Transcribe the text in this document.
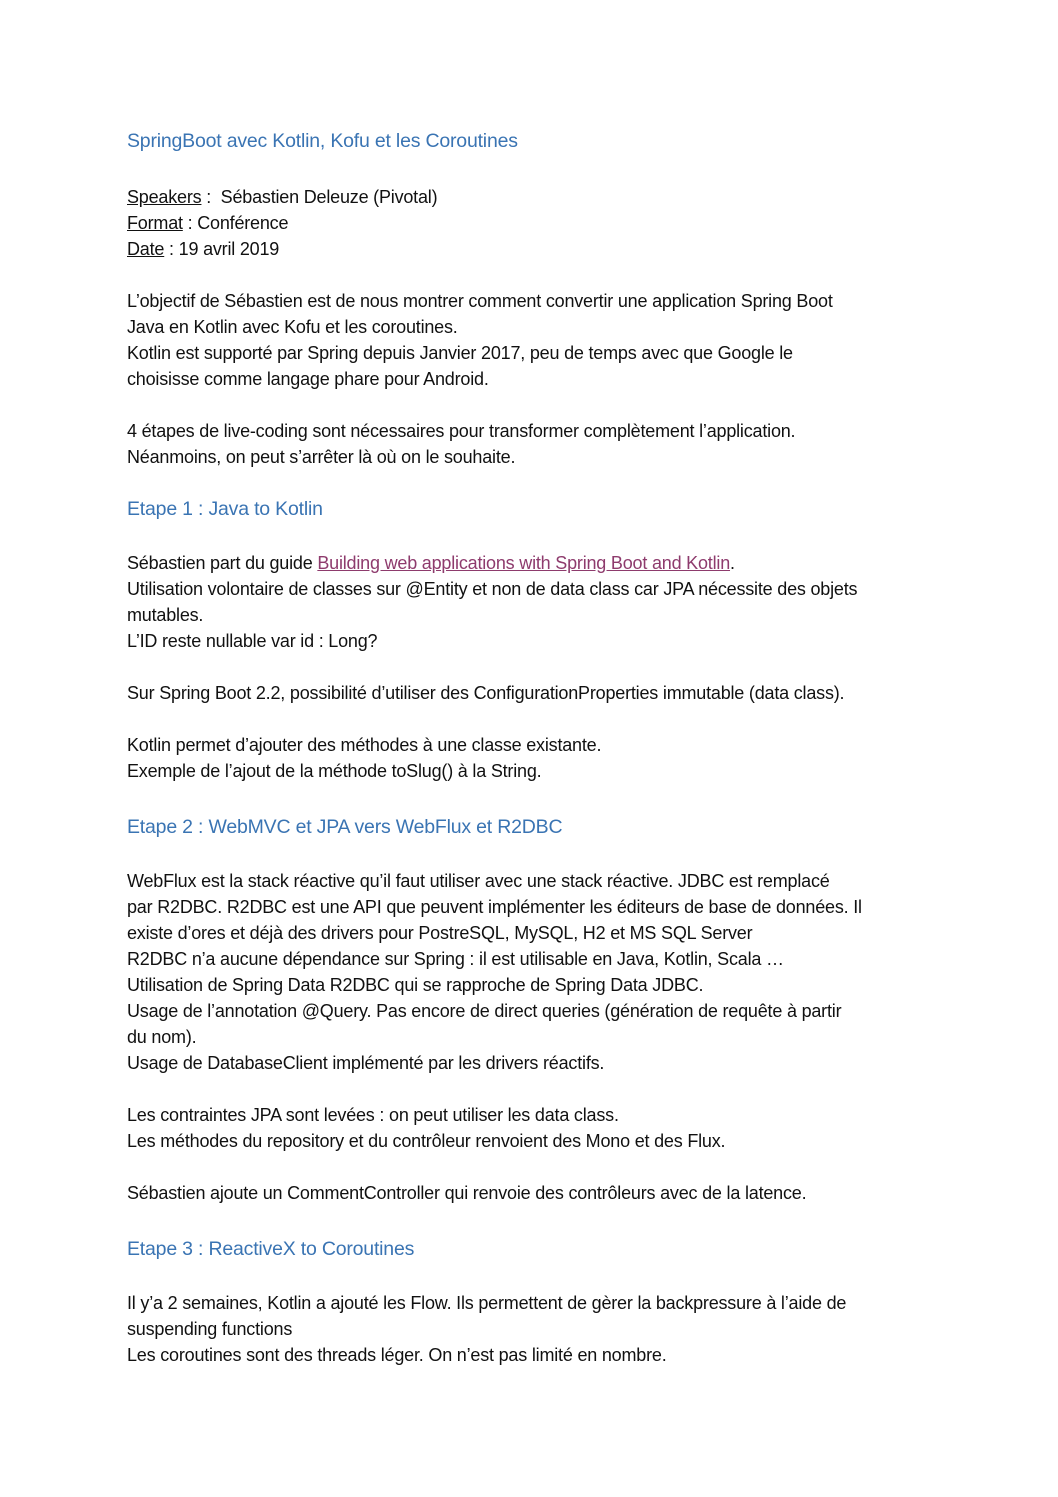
SpringBoot avec Kotlin, Kofu et les Coroutines
Speakers :  Sébastien Deleuze (Pivotal)
Format : Conférence
Date : 19 avril 2019
L’objectif de Sébastien est de nous montrer comment convertir une application Spring Boot
Java en Kotlin avec Kofu et les coroutines.
Kotlin est supporté par Spring depuis Janvier 2017, peu de temps avec que Google le
choisisse comme langage phare pour Android.
4 étapes de live-coding sont nécessaires pour transformer complètement l’application.
Néanmoins, on peut s’arrêter là où on le souhaite.
Etape 1 : Java to Kotlin
Sébastien part du guide Building web applications with Spring Boot and Kotlin.
Utilisation volontaire de classes sur @Entity et non de data class car JPA nécessite des objets
mutables.
L’ID reste nullable var id : Long?
Sur Spring Boot 2.2, possibilité d’utiliser des ConfigurationProperties immutable (data class).
Kotlin permet d’ajouter des méthodes à une classe existante.
Exemple de l’ajout de la méthode toSlug() à la String.
Etape 2 : WebMVC et JPA vers WebFlux et R2DBC
WebFlux est la stack réactive qu’il faut utiliser avec une stack réactive. JDBC est remplacé
par R2DBC. R2DBC est une API que peuvent implémenter les éditeurs de base de données. Il
existe d’ores et déjà des drivers pour PostreSQL, MySQL, H2 et MS SQL Server
R2DBC n’a aucune dépendance sur Spring : il est utilisable en Java, Kotlin, Scala …
Utilisation de Spring Data R2DBC qui se rapproche de Spring Data JDBC.
Usage de l’annotation @Query. Pas encore de direct queries (génération de requête à partir
du nom).
Usage de DatabaseClient implémenté par les drivers réactifs.
Les contraintes JPA sont levées : on peut utiliser les data class.
Les méthodes du repository et du contrôleur renvoient des Mono et des Flux.
Sébastien ajoute un CommentController qui renvoie des contrôleurs avec de la latence.
Etape 3 : ReactiveX to Coroutines
Il y’a 2 semaines, Kotlin a ajouté les Flow. Ils permettent de gèrer la backpressure à l’aide de
suspending functions
Les coroutines sont des threads léger. On n’est pas limité en nombre.
